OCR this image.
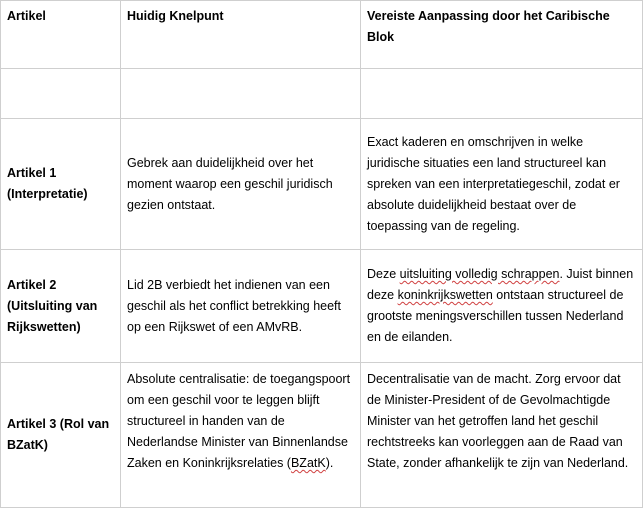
Artikel	Huidig Knelpunt	Vereiste Aanpassing door het Caribische Blok

Artikel 1 (Interpretatie)	Gebrek aan duidelijkheid over het moment waarop een geschil juridisch gezien ontstaat.	Exact kaderen en omschrijven in welke juridische situaties een land structureel kan spreken van een interpretatiegeschil, zodat er absolute duidelijkheid bestaat over de toepassing van de regeling.
Artikel 2 (Uitsluiting van Rijkswetten)	Lid 2B verbiedt het indienen van een geschil als het conflict betrekking heeft op een Rijkswet of een AMvRB.	Deze uitsluiting volledig schrappen. Juist binnen deze koninkrijkswetten ontstaan structureel de grootste meningsverschillen tussen Nederland en de eilanden.
Artikel 3 (Rol van BZatK)	Absolute centralisatie: de toegangspoort om een geschil voor te leggen blijft structureel in handen van de Nederlandse Minister van Binnenlandse Zaken en Koninkrijksrelaties (BZatK).	Decentralisatie van de macht. Zorg ervoor dat de Minister-President of de Gevolmachtigde Minister van het getroffen land het geschil rechtstreeks kan voorleggen aan de Raad van State, zonder afhankelijk te zijn van Nederland.
